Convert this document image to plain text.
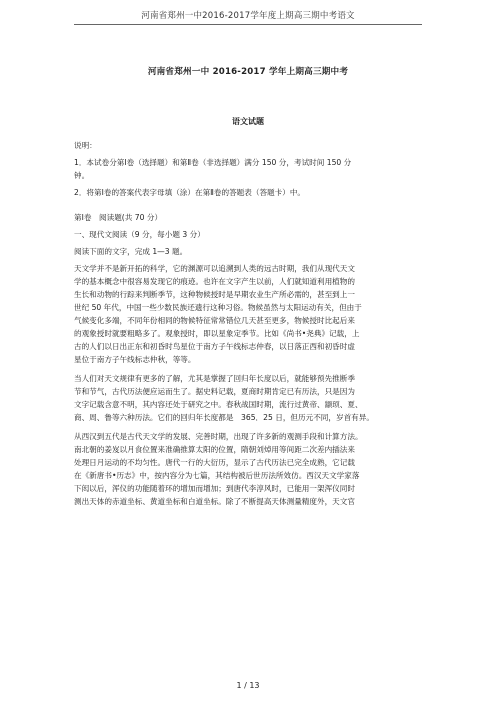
河南省郑州一中2016-2017学年度上期高三期中考语文
河南省郑州一中 2016-2017 学年上期高三期中考
语文试题

说明：

1．本试卷分第Ⅰ卷（选择题）和第Ⅱ卷（非选择题）满分 150 分，考试时间 150 分

钟。

2．将第Ⅰ卷的答案代表字母填（涂）在第Ⅱ卷的答题表（答题卡）中。

第Ⅰ卷　阅读题(共 70 分）

一、现代文阅读（9 分，每小题 3 分）

阅读下面的文字，完成 1—3 题。

天文学并不是新开拓的科学，它的渊源可以追溯到人类的远古时期，我们从现代天文

学的基本概念中很容易发现它的痕迹。也许在文字产生以前，人们就知道利用植物的

生长和动物的行踪来判断季节，这种物候授时是早期农业生产所必需的，甚至到上一

世纪 50 年代，中国一些少数民族还遗行这种习俗。物候虽然与太阳运动有关，但由于

气候变化多端，不同年份相同的物候特征常常错位几天甚至更多，物候授时比起后来

的观象授时就要粗略多了。观象授时，即以星象定季节。比如《尚书•尧典》记载，上

古的人们以日出正东和初昏时鸟星位于南方子午线标志仲春，以日落正西和初昏时虚

星位于南方子午线标志仲秋，等等。

当人们对天文规律有更多的了解，尤其是掌握了回归年长度以后，就能够预先推断季

节和节气，古代历法便应运而生了。据史料记载，夏商时期肯定已有历法，只是因为

文字记载含意不明，其内容还处于研究之中。春秋战国时期，流行过黄帝、颛顼、夏、

商、周、鲁等六种历法。它们的回归年长度都是　365．25 日，但历元不同，岁首有异。

从西汉到五代是古代天文学的发展、完善时期，出现了许多新的观测手段和计算方法。

南北朝的姜岌以月食位置来准确推算太阳的位置，隋朝刘焯用等间距二次差内插法来

处理日月运动的不均匀性。唐代一行的大衍历，显示了古代历法已完全成熟，它记载

在《新唐书•历志》中，按内容分为七篇，其结构被后世历法所效仿。西汉天文学家落

下闳以后，浑仪的功能随着环的增加而增加；到唐代李淳风时，已能用一架浑仪同时

测出天体的赤道坐标、黄道坐标和白道坐标。除了不断提高天体测量精度外，天文官

1 / 13
